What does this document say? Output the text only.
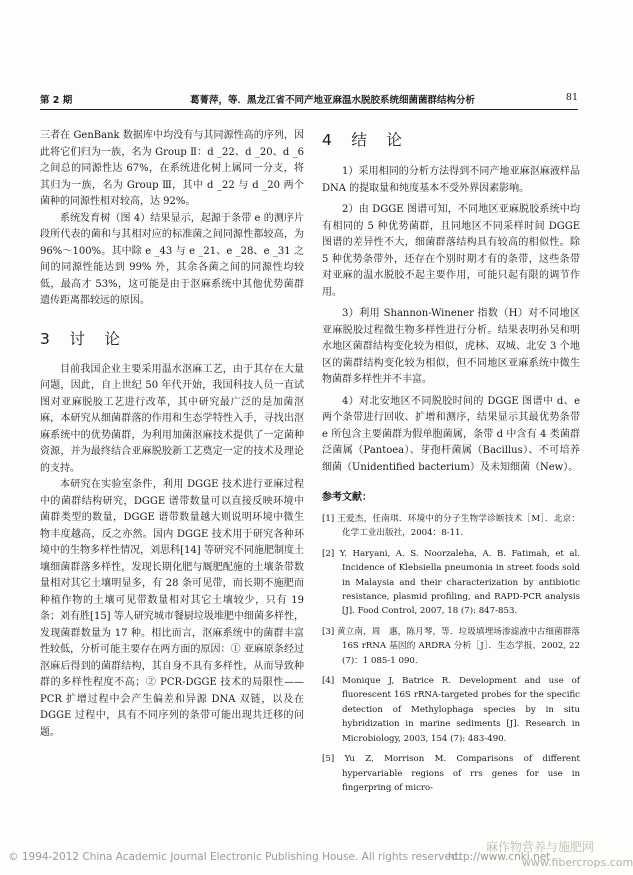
第 2 期	葛菁萍，等．黑龙江省不同产地亚麻温水脱胶系统细菌菌群结构分析	81

三者在 GenBank 数据库中均没有与其同源性高的序列，因此将它们归为一族，名为 Group Ⅱ：d _22、d _20、d _6 之间总的同源性达 67%，在系统进化树上属同一分支，将其归为一族，名为 Group Ⅲ，其中 d _22 与 d _20 两个菌种的同源性相对较高，达 92%。

系统发育树（图 4）结果显示，起源于条带 e 的测序片段所代表的菌和与其相对应的标准菌之间同源性都较高，为 96%～100%。其中除 e _43 与 e _21、e _28、e _31 之间的同源性能达到 99% 外，其余各菌之间的同源性均较低，最高才 53%，这可能是由于沤麻系统中其他优势菌群遗传距离都较远的原因。

3　讨　论

目前我国企业主要采用温水沤麻工艺，由于其存在大量问题，因此，自上世纪 50 年代开始，我国科技人员一直试图对亚麻脱胶工艺进行改革，其中研究最广泛的是加菌沤麻，本研究从细菌群落的作用和生态学特性入手，寻找出沤麻系统中的优势菌群，为利用加菌沤麻技术提供了一定菌种资源，并为最终结合亚麻脱胶新工艺奠定一定的技术及理论的支持。

本研究在实验室条件，利用 DGGE 技术进行亚麻过程中的菌群结构研究，DGGE 谱带数量可以直接反映环境中菌群类型的数量，DGGE 谱带数量越大则说明环境中微生物丰度越高，反之亦然。国内 DGGE 技术用于研究各种环境中的生物多样性情况，刘思科[14] 等研究不同施肥制度土壤细菌群落多样性，发现长期化肥与厩肥配施的土壤条带数量相对其它土壤明显多，有 28 条可见带，而长期不施肥而种植作物的土壤可见带数量相对其它土壤较少，只有 19 条；刘有胜[15] 等人研究城市餐厨垃圾堆肥中细菌多样性，发现菌群数量为 17 种。相比而言，沤麻系统中的菌群丰富性较低，分析可能主要存在两方面的原因：① 亚麻原条经过沤麻后得到的菌群结构，其自身不具有多样性，从而导致种群的多样性程度不高；② PCR-DGGE 技术的局限性——PCR 扩增过程中会产生偏差和异源 DNA 双链，以及在 DGGE 过程中，具有不同序列的条带可能出现共迁移的问题。

4　结　论

1）采用相同的分析方法得到不同产地亚麻沤麻液样品 DNA 的提取量和纯度基本不受外界因素影响。

2）由 DGGE 图谱可知，不同地区亚麻脱胶系统中均有相同的 5 种优势菌群，且同地区不同采样时间 DGGE 图谱的差异性不大，细菌群落结构具有较高的相似性。除 5 种优势条带外，还存在个别时期才有的条带，这些条带对亚麻的温水脱胶不起主要作用，可能只起有限的调节作用。

3）利用 Shannon-Winener 指数（H）对不同地区亚麻脱胶过程微生物多样性进行分析。结果表明孙吴和明水地区菌群结构变化较为相似，虎林、双城、北安 3 个地区的菌群结构变化较为相似，但不同地区亚麻系统中微生物菌群多样性并不丰富。

4）对北安地区不同脱胶时间的 DGGE 图谱中 d、e 两个条带进行回收、扩增和测序，结果显示其最优势条带 e 所包含主要菌群为假单胞菌属，条带 d 中含有 4 类菌群泛菌属（Pantoea）、芽孢杆菌属（Bacillus）、不可培养细菌（Unidentified bacterium）及未知细菌（New）。

参考文献：
[1] 王爱杰，任南琪．环境中的分子生物学诊断技术［M］．北京：化学工业出版社，2004：8-11.
[2] Y. Haryani, A. S. Noorzaleha, A. B. Fatimah, et al. Incidence of Klebsiella pneumonia in street foods sold in Malaysia and their characterization by antibiotic resistance, plasmid profiling, and RAPD-PCR analysis [J]. Food Control, 2007, 18 (7): 847-853.
[3] 黄立南，周　惠，陈月琴，等．垃圾填埋场渗滤液中古细菌群落 16S rRNA 基因的 ARDRA 分析［J］．生态学报，2002, 22 (7)：1 085-1 090.
[4] Monique J, Batrice R. Development and use of fluorescent 16S rRNA-targeted probes for the specific detection of Methylophaga species by in situ hybridization in marine sediments [J]. Research in Microbiology, 2003, 154 (7): 483-490.
[5] Yu Z, Morrison M. Comparisons of different hypervariable regions of rrs genes for use in fingerpring of micro-
© 1994-2012 China Academic Journal Electronic Publishing House. All rights reserved.
http://www.cnki.net
麻作物营养与施肥网
www.fibercrops.com
